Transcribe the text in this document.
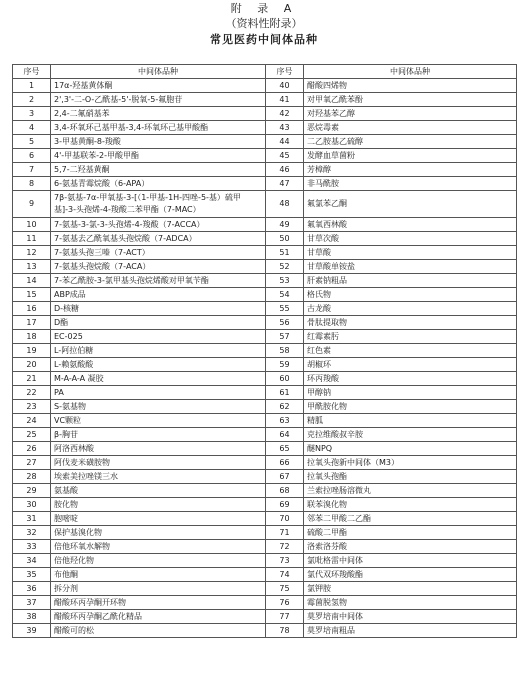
附 录 A
（资料性附录）
常见医药中间体品种
序号	中间体品种	序号	中间体品种
1	17α-羟基黄体酮	40	醋酸四烯物
2	2',3'-二-O-乙酰基-5'-脱氧-5-氟胞苷	41	对甲氧乙酰苯酚
3	2,4-二氟硝基苯	42	对羟基苯乙醇
4	3,4-环氧环己基甲基-3,4-环氧环己基甲酸酯	43	恶烷毒素
5	3-甲基黄酮-8-羧酸	44	二乙胺基乙硫醇
6	4'-甲基联苯-2-甲酸甲酯	45	发酵血草菌粉
7	5,7-二羟基黄酮	46	芳樟醇
8	6-氨基青霉烷酸（6-APA）	47	非马酰胺
9	7β-氨基-7α-甲氧基-3-[（1-甲基-1H-四唑-5-基）硫甲基]-3-头孢烯-4-羧酸二苯甲酯（7-MAC）	48	氟氯苯乙酮
10	7-氨基-3-氯-3-头孢烯-4-羧酸（7-ACCA）	49	氟氧西林酸
11	7-氨基去乙酰氧基头孢烷酸（7-ADCA）	50	甘草次酸
12	7-氨基头孢三嗪（7-ACT）	51	甘草酸
13	7-氨基头孢烷酸（7-ACA）	52	甘草酸单铵盐
14	7-苯乙酰胺-3-氯甲基头孢烷烯酸对甲氧苄酯	53	肝素钠粗品
15	ABP成品	54	格氏物
16	D-核糖	55	古龙酸
17	D酯	56	骨肽提取物
18	EC-025	57	红霉素肟
19	L-阿拉伯糖	58	红色素
20	L-赖氨酸酸	59	胡椒环
21	M-A-A-A 凝胶	60	环丙羧酸
22	PA	61	甲醇钠
23	S-氨基物	62	甲酰胺化物
24	VC颗粒	63	精胍
25	β-胸苷	64	克拉维酸叔辛胺
26	阿洛西林酸	65	醚NPQ
27	阿伐麦米磺胺物	66	拉氧头孢新中间体（M3）
28	埃索美拉唑镁三水	67	拉氧头孢酯
29	氨基酸	68	兰索拉唑肠溶微丸
30	胺化物	69	联苯溴化物
31	胞嘧啶	70	邻苯二甲酸二乙酯
32	保护基溴化物	71	硫酸二甲酯
33	倍他环氧水解物	72	洛索洛芬酸
34	倍他羟化物	73	氯吡格雷中间体
35	布他酮	74	氯代双环羧酸酯
36	拆分剂	75	氯钾胺
37	醋酸环丙孕酮开环物	76	霉菌脱氢物
38	醋酸环丙孕酮乙酰化精品	77	莫罗培南中间体
39	醋酸可的松	78	莫罗培南粗品
